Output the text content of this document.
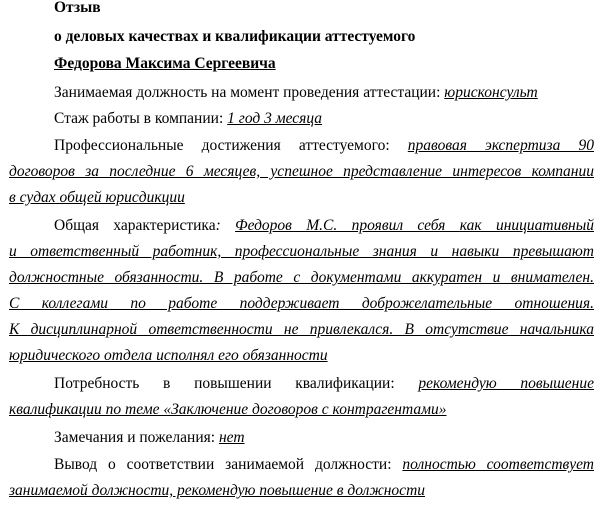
Отзыв
о деловых качествах и квалификации аттестуемого
Федорова Максима Сергеевича
Занимаемая должность на момент проведения аттестации: юрисконсульт
Стаж работы в компании: 1 год 3 месяца
Профессиональные достижения аттестуемого: правовая экспертиза 90
договоров за последние 6 месяцев, успешное представление интересов компании
в судах общей юрисдикции
Общая характеристика: Федоров М.С. проявил себя как инициативный
и ответственный работник, профессиональные знания и навыки превышают
должностные обязанности. В работе с документами аккуратен и внимателен.
С коллегами по работе поддерживает доброжелательные отношения.
К дисциплинарной ответственности не привлекался. В отсутствие начальника
юридического отдела исполнял его обязанности
Потребность в повышении квалификации: рекомендую повышение
квалификации по теме «Заключение договоров с контрагентами»
Замечания и пожелания: нет
Вывод о соответствии занимаемой должности: полностью соответствует
занимаемой должности, рекомендую повышение в должности
